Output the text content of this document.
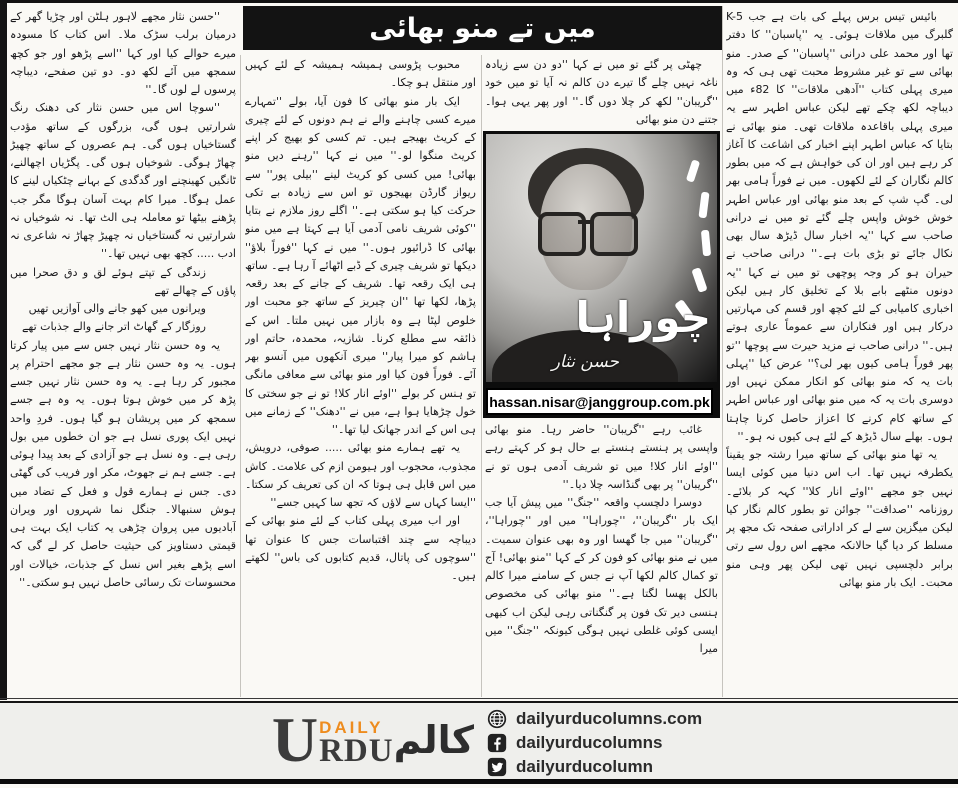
میں تے منو بھائی	بائیس تیس برس پہلے کی بات ہے جب K-5 گلبرگ میں ملاقات ہوئی۔ یہ ''پاسبان'' کا دفتر تھا اور محمد علی درانی ''پاسبان'' کے صدر۔ منو بھائی سے تو غیر مشروط محبت تھی ہی کہ وہ میری پہلی کتاب ''آدھی ملاقات'' کا 82ء میں دیباچہ لکھ چکے تھے لیکن عباس اطہر سے یہ میری پہلی باقاعدہ ملاقات تھی۔ منو بھائی نے بتایا کہ عباس اطہر اپنے اخبار کی اشاعت کا آغاز کر رہے ہیں اور ان کی خواہش ہے کہ میں بطور کالم نگاران کے لئے لکھوں۔ میں نے فوراً ہامی بھر لی۔ گپ شپ کے بعد منو بھائی اور عباس اطہر خوش خوش واپس چلے گئے تو میں نے درانی صاحب سے کہا ''یہ اخبار سال ڈیڑھ سال بھی نکال جائے تو بڑی بات ہے۔'' درانی صاحب نے حیران ہو کر وجہ پوچھی تو میں نے کہا ''یہ دونوں منٹھے بابے بلا کے تخلیق کار ہیں لیکن اخباری کامیابی کے لئے کچھ اور قسم کی مہارتیں درکار ہیں اور فنکاران سے عموماً عاری ہوتے ہیں۔'' درانی صاحب نے مزید حیرت سے پوچھا ''تو پھر فوراً ہامی کیوں بھر لی؟'' عرض کیا ''پہلی بات یہ کہ منو بھائی کو انکار ممکن نہیں اور دوسری بات یہ کہ میں منو بھائی اور عباس اطہر کے ساتھ کام کرنے کا اعزاز حاصل کرنا چاہتا ہوں۔ بھلے سال ڈیڑھ کے لئے ہی کیوں نہ ہو۔''

یہ تھا منو بھائی کے ساتھ میرا رشتہ جو یقیناً یکطرفہ نہیں تھا۔ اب اس دنیا میں کوئی ایسا نہیں جو مجھے ''اوئے انار کلا'' کہہ کر بلائے۔ روزنامہ ''صداقت'' جوائن تو بطور کالم نگار کیا لیکن میگزین سے لے کر اداراتی صفحہ تک مجھ پر مسلط کر دیا گیا حالانکہ مجھے اس رول سے رتی برابر دلچسپی نہیں تھی لیکن پھر وہی منو محبت۔ ایک بار منو بھائی

چھٹی پر گئے تو میں نے کہا ''دو دن سے زیادہ ناغہ نہیں چلے گا تیرے دن کالم نہ آیا تو میں خود ''گریبان'' لکھ کر چلا دوں گا۔'' اور پھر یہی ہوا۔ جتنے دن منو بھائی

چوراہا
حسن نثار
hassan.nisar@janggroup.com.pk

غائب رہے ''گریبان'' حاضر رہا۔ منو بھائی واپسی پر ہنستے ہنستے بے حال ہو کر کہتے رہے ''اوئے انار کلا! میں تو شریف آدمی ہوں تو نے ''گریبان'' پر بھی گنڈاسہ چلا دیا۔''

دوسرا دلچسپ واقعہ ''جنگ'' میں پیش آیا جب ایک بار ''گریبان''، ''چوراہا'' میں اور ''چوراہا''، ''گریبان'' میں جا گھسا اور وہ بھی عنوان سمیت۔ میں نے منو بھائی کو فون کر کے کہا ''منو بھائی! آج تو کمال کالم لکھا آپ نے جس کے سامنے میرا کالم بالکل پھسا لگتا ہے۔'' منو بھائی کی مخصوص ہنسی دیر تک فون پر گنگناتی رہی لیکن اب کبھی ایسی کوئی غلطی نہیں ہوگی کیونکہ ''جنگ'' میں میرا

محبوب پڑوسی ہمیشہ ہمیشہ کے لئے کہیں اور منتقل ہو چکا۔

ایک بار منو بھائی کا فون آیا، بولے ''تمہارے میرے کسی چاہنے والے نے ہم دونوں کے لئے چیری کے کریٹ بھیجے ہیں۔ تم کسی کو بھیج کر اپنے کریٹ منگوا لو۔'' میں نے کہا ''رہنے دیں منو بھائی! میں کسی کو کریٹ لینے ''بیلی پور'' سے ریواز گارڈن بھیجوں تو اس سے زیادہ بے تکی حرکت کیا ہو سکتی ہے۔'' اگلے روز ملازم نے بتایا ''کوئی شریف نامی آدمی آیا ہے کہتا ہے میں منو بھائی کا ڈرائیور ہوں۔'' میں نے کہا ''فوراً بلاؤ'' دیکھا تو شریف چیری کے ڈبے اٹھائے آ رہا ہے۔ ساتھ ہی ایک رقعہ تھا۔ شریف کے جانے کے بعد رقعہ پڑھا، لکھا تھا ''ان چیریز کے ساتھ جو محبت اور خلوص لپٹا ہے وہ بازار میں نہیں ملتا۔ اس کے ذائقہ سے مطلع کرنا۔ شازیہ، محمدہ، حاتم اور ہاشم کو میرا پیار'' میری آنکھوں میں آنسو بھر آئے۔ فوراً فون کیا اور منو بھائی سے معافی مانگی تو ہنس کر بولے ''اوئے انار کلا! تو نے جو سختی کا خول چڑھایا ہوا ہے، میں نے ''دھنک'' کے زمانے میں ہی اس کے اندر جھانک لیا تھا۔''

یہ تھے ہمارے منو بھائی ..... صوفی، درویش، مجذوب، محجوب اور ہیومن ازم کی علامت۔ کاش میں اس قابل ہی ہوتا کہ ان کی تعریف کر سکتا۔ ''ایسا کہاں سے لاؤں کہ تجھ سا کہیں جسے''

اور اب میری پہلی کتاب کے لئے منو بھائی کے دیباچہ سے چند اقتباسات جس کا عنوان تھا ''سوچوں کی پاتال، قدیم کتابوں کی باس'' لکھتے ہیں۔

''حسن نثار مجھے لاہور ہلٹن اور چڑیا گھر کے درمیان برلب سڑک ملا۔ اس کتاب کا مسودہ میرے حوالے کیا اور کہا ''اسے پڑھو اور جو کچھ سمجھ میں آئے لکھ دو۔ دو تین صفحے، دیباچہ پرسوں لے لوں گا۔''

''سوچا اس میں حسن نثار کی دھنک رنگ شرارتیں ہوں گی، بزرگوں کے ساتھ مؤدب گستاخیاں ہوں گی۔ ہم عصروں کے ساتھ چھیڑ چھاڑ ہوگی۔ شوخیاں ہوں گی۔ پگڑیاں اچھالنے، ٹانگیں کھینچنے اور گدگدی کے بہانے چٹکیاں لینے کا عمل ہوگا۔ میرا کام بہت آسان ہوگا مگر جب پڑھنے بیٹھا تو معاملہ ہی الٹ تھا۔ نہ شوخیاں نہ شرارتیں نہ گستاخیاں نہ چھیڑ چھاڑ نہ شاعری نہ ادب ..... کچھ بھی نہیں تھا۔''

زندگی کے تپتے ہوئے لق و دق صحرا میں پاؤں کے چھالے تھے

ویرانوں میں کھو جانے والی آوازیں تھیں

روزگار کے گھاٹ اتر جانے والے جذبات تھے

یہ وہ حسن نثار نہیں جس سے میں پیار کرتا ہوں۔ یہ وہ حسن نثار ہے جو مجھے احترام پر مجبور کر رہا ہے۔ یہ وہ حسن نثار نہیں جسے پڑھ کر میں خوش ہوتا ہوں۔ یہ وہ ہے جسے سمجھ کر میں پریشان ہو گیا ہوں۔ فردِ واحد نہیں ایک پوری نسل ہے جو ان خطوں میں بول رہی ہے۔ وہ نسل ہے جو آزادی کے بعد پیدا ہوئی ہے۔ جسے ہم نے جھوٹ، مکر اور فریب کی گھٹی دی۔ جس نے ہمارے قول و فعل کے تضاد میں ہوش سنبھالا۔ جنگل نما شہروں اور ویران آبادیوں میں پروان چڑھی یہ کتاب ایک بہت ہی قیمتی دستاویز کی حیثیت حاصل کر لے گی کہ اسے پڑھے بغیر اس نسل کے جذبات، خیالات اور محسوسات تک رسائی حاصل نہیں ہو سکتی۔''

U DAILY
RDU کالم dailyurducolumns.com
dailyurducolumns
dailyurducolumn
